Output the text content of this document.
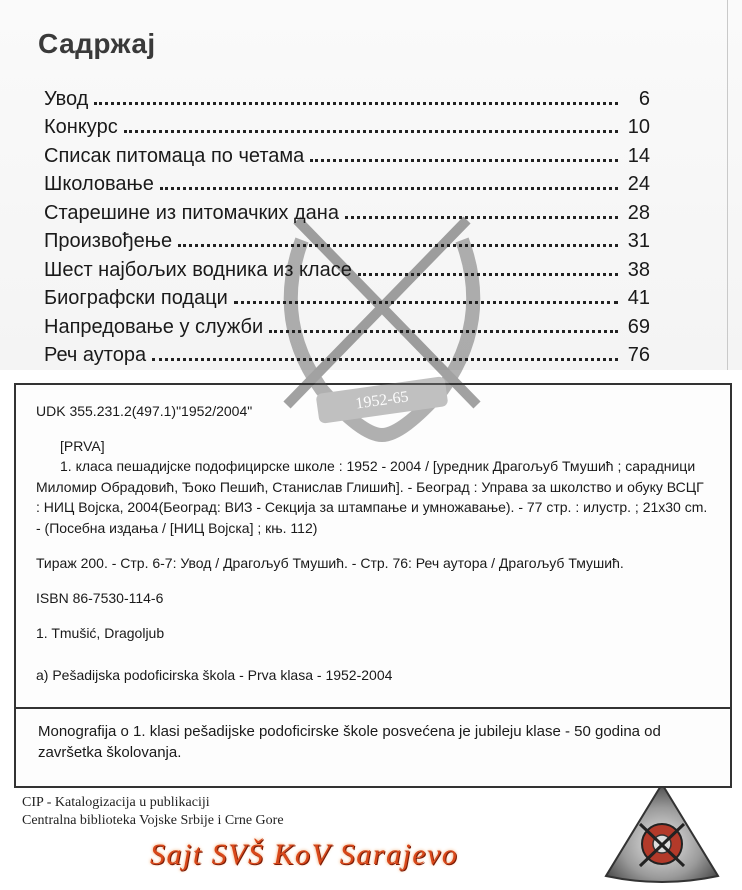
Садржај
Увод	6
Конкурс	10
Списак питомаца по четама	14
Школовање	24
Старешине из питомачких дана	28
Произвођење	31
Шест најбољих водника из класе	38
Биографски подаци	41
Напредовање у служби	69
Реч аутора	76
1952-65
UDK 355.231.2(497.1)"1952/2004"
[PRVA]
1. класа пешадијске подофицирске школе : 1952 - 2004 / [уредник Драгољуб Тмушић ; сарадници Миломир Обрадовић, Ђоко Пешић, Станислав Глишић]. - Београд : Управа за школство и обуку ВСЦГ : НИЦ Војска, 2004(Београд: ВИЗ - Секција за штампање и умножавање). - 77 стр. : илустр. ; 21x30 cm. - (Посебна издања / [НИЦ Војска] ; књ. 112)
Тираж 200. - Стр. 6-7: Увод / Драгољуб Тмушић. - Стр. 76: Реч аутора / Драгољуб Тмушић.
ISBN 86-7530-114-6
1. Tmušić, Dragoljub
a) Pešadijska podoficirska škola - Prva klasa - 1952-2004

Monografija o 1. klasi pešadijske podoficirske škole posvećena je jubileju klase - 50 godina od završetka školovanja.

CIP - Katalogizacija u publikaciji
Centralna biblioteka Vojske Srbije i Crne Gore
Sajt SVŠ KoV Sarajevo
